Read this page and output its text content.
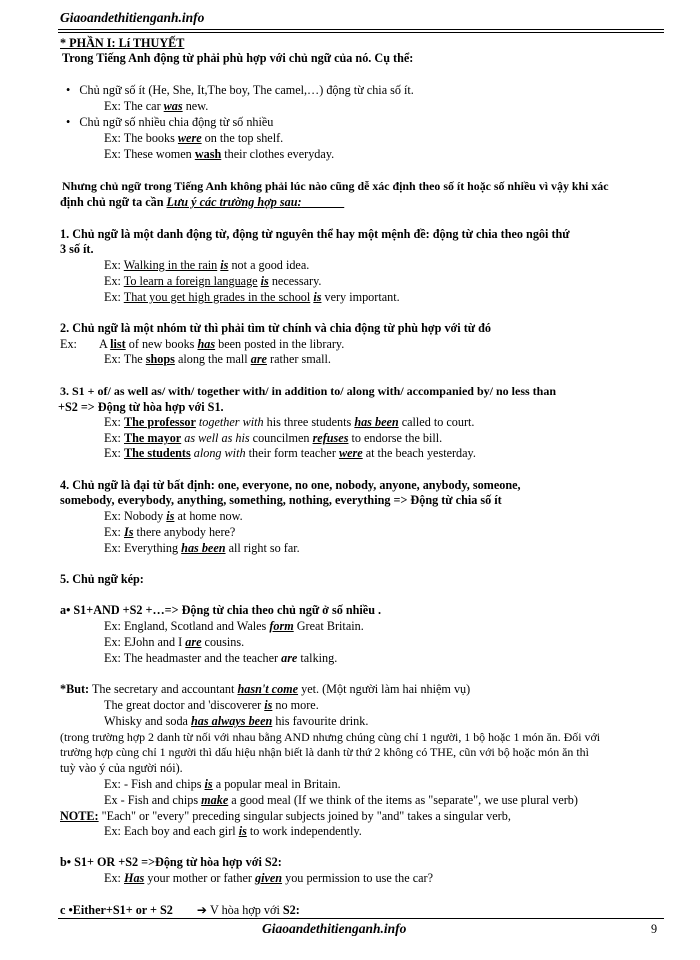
Giaoandethitienganh.info
* PHẦN I: Lí THUYẾT
Trong Tiếng Anh động từ phải phù hợp với chủ ngữ của nó. Cụ thể:
•   Chủ ngữ số ít (He, She, It,The boy, The camel,…) động từ chia số ít.
Ex: The car was new.
•   Chủ ngữ số nhiều chia động từ số nhiều
Ex: The books were on the top shelf.
Ex: These women wash their clothes everyday.
Nhưng chủ ngữ trong Tiếng Anh không phải lúc nào cũng dễ xác định theo số ít hoặc số nhiều vì vậy khi xác
định chủ ngữ ta cần Lưu ý các trường hợp sau:
1. Chủ ngữ là một danh động từ, động từ nguyên thể hay một mệnh đề: động từ chia theo ngôi thứ
3 số ít.
Ex: Walking in the rain is not a good idea.
Ex: To learn a foreign language is necessary.
Ex: That you get high grades in the school is very important.
2. Chủ ngữ là một nhóm từ thì phải tìm từ chính và chia động từ phù hợp với từ đó
Ex: A list of new books has been posted in the library.
Ex: The shops along the mall are rather small.
3. S1 + of/ as well as/ with/ together with/ in addition to/ along with/ accompanied by/ no less than
+S2 => Động từ hòa hợp với S1.
Ex: The professor together with his three students has been called to court.
Ex: The mayor as well as his councilmen refuses to endorse the bill.
Ex: The students along with their form teacher were at the beach yesterday.
4. Chủ ngữ là đại từ bất định: one, everyone, no one, nobody, anyone, anybody, someone,
somebody, everybody, anything, something, nothing, everything => Động từ chia số ít
Ex: Nobody is at home now.
Ex: Is there anybody here?
Ex: Everything has been all right so far.
5. Chủ ngữ kép:
a• S1+AND +S2 +…=> Động từ chia theo chủ ngữ ở số nhiều .
Ex: England, Scotland and Wales form Great Britain.
Ex: EJohn and I are cousins.
Ex: The headmaster and the teacher are talking.
*But: The secretary and accountant hasn't come yet. (Một người làm hai nhiệm vụ)
The great doctor and 'discoverer is no more.
Whisky and soda has always been his favourite drink.
(trong trường hợp 2 danh từ nối với nhau bằng AND nhưng chúng cùng chỉ 1 người, 1 bộ hoặc 1 món ăn. Đối với
trường hợp cùng chỉ 1 người thì dấu hiệu nhận biết là danh từ thứ 2 không có THE, cũn với bộ hoặc món ăn thì
tuỳ vào ý của người nói).
Ex: - Fish and chips is a popular meal in Britain.
Ex - Fish and chips make a good meal (If we think of the items as "separate", we use plural verb)
NOTE: "Each" or "every" preceding singular subjects joined by "and" takes a singular verb,
Ex: Each boy and each girl is to work independently.
b• S1+ OR +S2 =>Động từ hòa hợp với S2:
Ex: Has your mother or father given you permission to use the car?
c •Either+S1+ or + S2 ➔ V hòa hợp với S2:
Giaoandethitienganh.info	9
